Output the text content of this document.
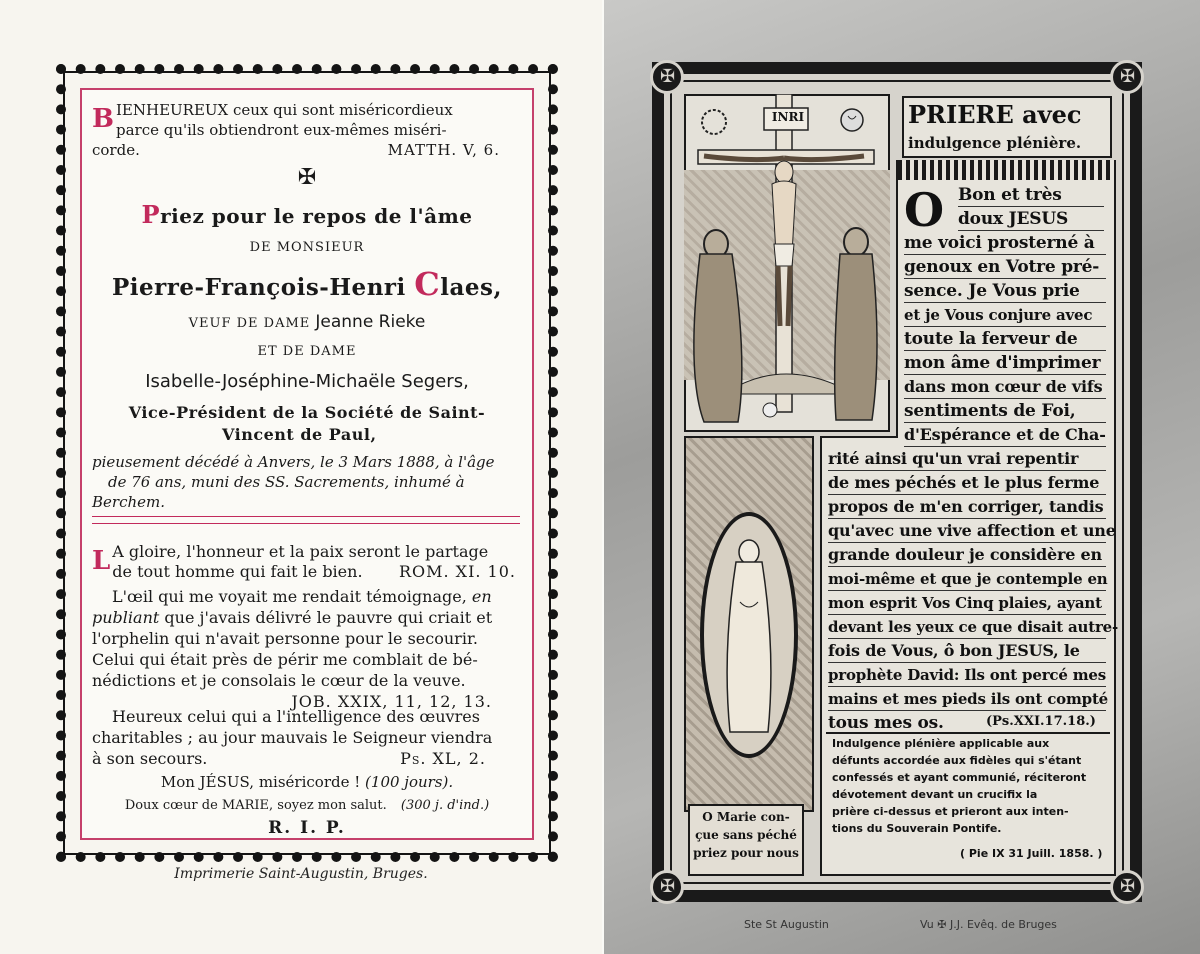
B IENHEUREUX ceux qui sont miséricordieux
parce qu'ils obtiendront eux-mêmes miséri-
corde.	MATTH. V, 6.
✠
Priez pour le repos de l'âme
DE MONSIEUR
Pierre-François-Henri Claes,
VEUF DE DAME Jeanne Rieke
ET DE DAME
Isabelle-Joséphine-Michaële Segers,
Vice-Président de la Société de Saint-
Vincent de Paul,
pieusement décédé à Anvers, le 3 Mars 1888, à l'âge
de 76 ans, muni des SS. Sacrements, inhumé à
Berchem.
L A gloire, l'honneur et la paix seront le partage
de tout homme qui fait le bien. ROM. XI. 10.
L'œil qui me voyait me rendait témoignage, en
publiant que j'avais délivré le pauvre qui criait et
l'orphelin qui n'avait personne pour le secourir.
Celui qui était près de périr me comblait de bé-
nédictions et je consolais le cœur de la veuve.
JOB. XXIX, 11, 12, 13.
Heureux celui qui a l'intelligence des œuvres
charitables ; au jour mauvais le Seigneur viendra
à son secours.	Ps. XL, 2.
Mon JÉSUS, miséricorde ! (100 jours).
Doux cœur de MARIE, soyez mon salut. (300 j. d'ind.)
R. I. P.
Imprimerie Saint-Augustin, Bruges.
✠
✠
✠
✠
INRI
O Marie con-
çue sans péché
priez pour nous
PRIERE avec
indulgence plénière.
O Bon et très
doux JESUS
me voici prosterné à
genoux en Votre pré-
sence. Je Vous prie
et je Vous conjure avec
toute la ferveur de
mon âme d'imprimer
dans mon cœur de vifs
sentiments de Foi,
d'Espérance et de Cha-
rité ainsi qu'un vrai repentir
de mes péchés et le plus ferme
propos de m'en corriger, tandis
qu'avec une vive affection et une
grande douleur je considère en
moi-même et que je contemple en
mon esprit Vos Cinq plaies, ayant
devant les yeux ce que disait autre-
fois de Vous, ô bon JESUS, le
prophète David: Ils ont percé mes
mains et mes pieds ils ont compté
tous mes os.	(Ps.XXI.17.18.)
Indulgence plénière applicable aux
défunts accordée aux fidèles qui s'étant
confessés et ayant communié, réciteront
dévotement devant un crucifix la
prière ci-dessus et prieront aux inten-
tions du Souverain Pontife.
( Pie IX 31 Juill. 1858. )
Ste St Augustin	Vu ✠ J.J. Evêq. de Bruges
